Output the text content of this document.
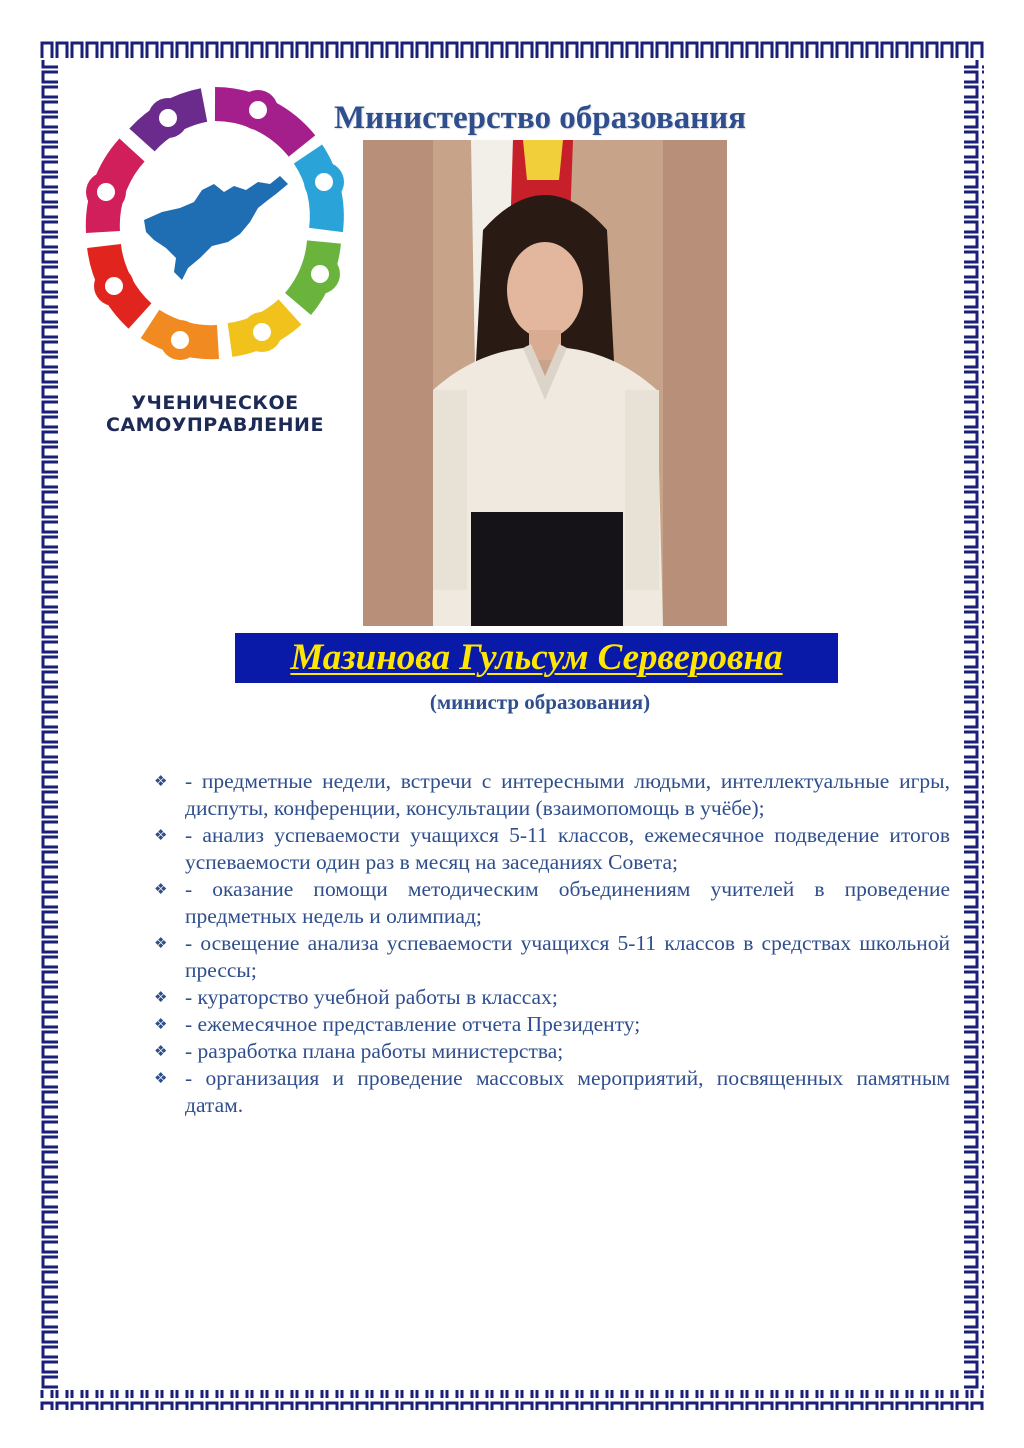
УЧЕНИЧЕСКОЕ
САМОУПРАВЛЕНИЕ
Министерство образования
Мазинова Гульсум Серверовна
(министр образования)
❖ - предметные недели, встречи с интересными людьми, интеллектуальные игры, диспуты, конференции, консультации (взаимопомощь в учёбе);
❖ - анализ успеваемости учащихся 5-11 классов, ежемесячное подведение итогов успеваемости один раз в месяц на заседаниях Совета;
❖ - оказание помощи методическим объединениям учителей в проведение предметных недель и олимпиад;
❖ - освещение анализа успеваемости учащихся 5-11 классов в средствах школьной прессы;
❖ - кураторство учебной работы в классах;
❖ - ежемесячное представление отчета Президенту;
❖ - разработка плана работы министерства;
❖ - организация и проведение массовых мероприятий, посвященных памятным датам.
